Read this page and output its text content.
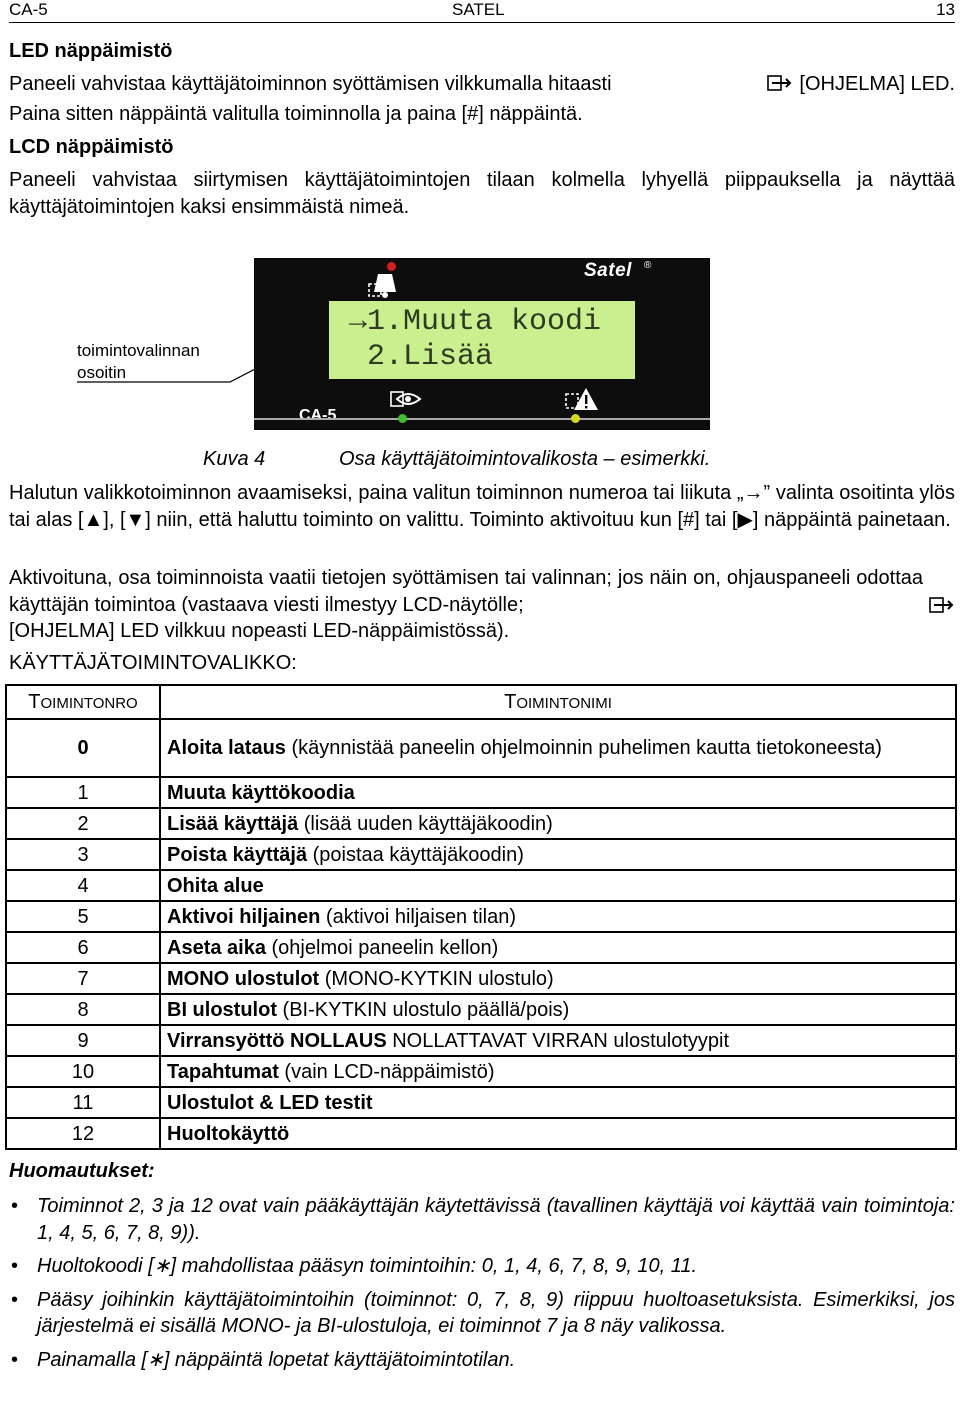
CA-5	SATEL	13
LED näppäimistö
Paneeli vahvistaa käyttäjätoiminnon syöttämisen vilkkumalla hitaasti	[OHJELMA] LED.
Paina sitten näppäintä valitulla toiminnolla ja paina [#] näppäintä.
LCD näppäimistö
Paneeli vahvistaa siirtymisen käyttäjätoimintojen tilaan kolmella lyhyellä piippauksella ja näyttää käyttäjätoimintojen kaksi ensimmäistä nimeä.
toimintovalinnan
osoitin
Satel ®
→1.Muuta koodi
2.Lisää
CA-5
Kuva 4	Osa käyttäjätoimintovalikosta – esimerkki.
Halutun valikkotoiminnon avaamiseksi, paina valitun toiminnon numeroa tai liikuta „→” valinta osoitinta ylös tai alas [▲], [▼] niin, että haluttu toiminto on valittu. Toiminto aktivoituu kun [#] tai [▶] näppäintä painetaan.
Aktivoituna, osa toiminnoista vaatii tietojen syöttämisen tai valinnan; jos näin on, ohjauspaneeli odottaa käyttäjän toimintoa (vastaava viesti ilmestyy LCD-näytölle;
[OHJELMA] LED vilkkuu nopeasti LED-näppäimistössä).
KÄYTTÄJÄTOIMINTOVALIKKO:
TOIMINTONRO	TOIMINTONIMI
0	Aloita lataus (käynnistää paneelin ohjelmoinnin puhelimen kautta tietokoneesta)
1	Muuta käyttökoodia
2	Lisää käyttäjä (lisää uuden käyttäjäkoodin)
3	Poista käyttäjä (poistaa käyttäjäkoodin)
4	Ohita alue
5	Aktivoi hiljainen (aktivoi hiljaisen tilan)
6	Aseta aika (ohjelmoi paneelin kellon)
7	MONO ulostulot (MONO-KYTKIN ulostulo)
8	BI ulostulot (BI-KYTKIN ulostulo päällä/pois)
9	Virransyöttö NOLLAUS NOLLATTAVAT VIRRAN ulostulotyypit
10	Tapahtumat (vain LCD-näppäimistö)
11	Ulostulot & LED testit
12	Huoltokäyttö
Huomautukset:
• Toiminnot 2, 3 ja 12 ovat vain pääkäyttäjän käytettävissä (tavallinen käyttäjä voi käyttää vain toimintoja: 1, 4, 5, 6, 7, 8, 9)).
• Huoltokoodi [∗] mahdollistaa pääsyn toimintoihin: 0, 1, 4, 6, 7, 8, 9, 10, 11.
• Pääsy joihinkin käyttäjätoimintoihin (toiminnot: 0, 7, 8, 9) riippuu huoltoasetuksista. Esimerkiksi, jos järjestelmä ei sisällä MONO- ja BI-ulostuloja, ei toiminnot 7 ja 8 näy valikossa.
• Painamalla [∗] näppäintä lopetat käyttäjätoimintotilan.
